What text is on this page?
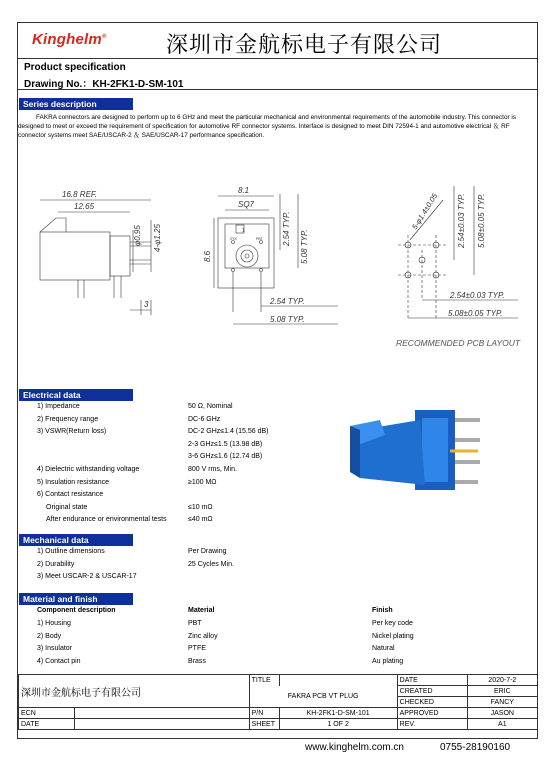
Kinghelm®	深圳市金航标电子有限公司
Product specification
Drawing No.：KH-2FK1-D-SM-101
Series description
FAKRA connectors are designed to perform up to 6 GHz and meet the particular mechanical and environmental requirements of the automobile industry. This connector is designed to meet or exceed the requirement of specification for automotive RF connector systems. Interface is designed to meet DIN 72594-1 and automotive electrical ＆ RF connector systems meet SAE/USCAR-2 ＆ SAE/USCAR-17 performance specification.
16.8 REF.
12.65
φ0.95 4-φ1.25
3
1
ZYX	PBT
8.1
SQ7
2.54 TYP.
5.08 TYP.
8.6
2.54 TYP.
5.08 TYP.
5-φ1.4±0.05 2.54±0.03 TYP. 5.08±0.05 TYP.
2.54±0.03 TYP.
5.08±0.05 TYP.
RECOMMENDED PCB LAYOUT
Electrical data
1) Impedance	50 Ω, Nominal
2) Frequency range	DC-6 GHz
3) VSWR(Return loss)	DC-2 GHz≤1.4 (15.56 dB)
2-3 GHz≤1.5 (13.98 dB)
3-6 GHz≤1.6 (12.74 dB)
4) Dielectric withstanding voltage	800 V rms, Min.
5) Insulation resistance	≥100 MΩ
6) Contact resistance
Original state	≤10 mΩ
After endurance or environmental tests	≤40 mΩ
Mechanical data
1) Outline dimensions	Per Drawing
2) Durability	25 Cycles Min.
3) Meet USCAR-2 & USCAR-17
Material and finish
Component description	Material	Finish
1) Housing	PBT	Per key code
2) Body	Zinc alloy	Nickel plating
3) Insulator	PTFE	Natural
4) Contact pin	Brass	Au plating
深圳市金航标电子有限公司		TITLE		DATE	2020-7-2
		FAKRA PCB VT PLUG		CREATED	ERIC
				CHECKED	FANCY
ECN		P/N	KH-2FK1-D-SM-101	APPROVED	JASON
DATE		SHEET	1 OF 2	REV.	A1
www.kinghelm.com.cn	0755-28190160
